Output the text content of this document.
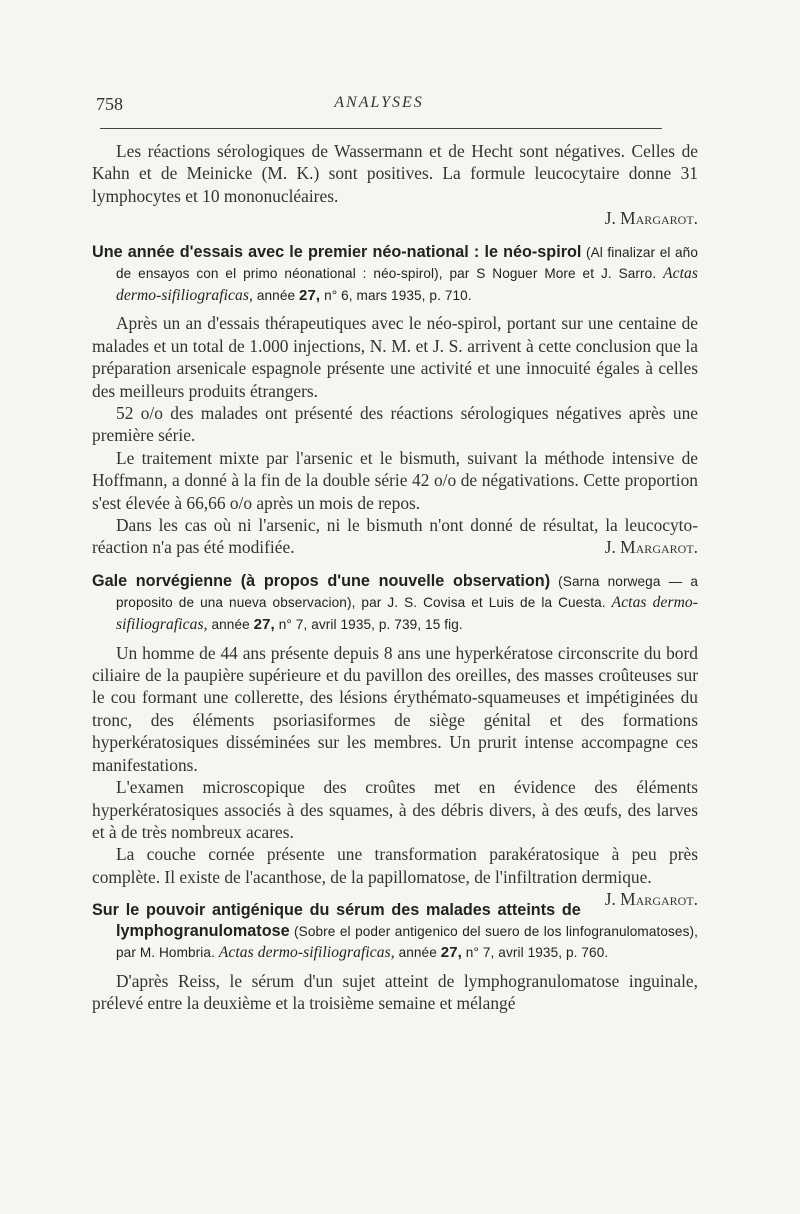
758	ANALYSES

Les réactions sérologiques de Wassermann et de Hecht sont négatives. Celles de Kahn et de Meinicke (M. K.) sont positives. La formule leucocytaire donne 31 lymphocytes et 10 mononucléaires.

J. Margarot.

Une année d'essais avec le premier néo-national : le néo-spirol (Al finalizar el año de ensayos con el primo néonational : néo-spirol), par S Noguer More et J. Sarro. Actas dermo-sifiliograficas, année 27, n° 6, mars 1935, p. 710.

Après un an d'essais thérapeutiques avec le néo-spirol, portant sur une centaine de malades et un total de 1.000 injections, N. M. et J. S. arrivent à cette conclusion que la préparation arsenicale espagnole présente une activité et une innocuité égales à celles des meilleurs produits étrangers.

52 o/o des malades ont présenté des réactions sérologiques négatives après une première série.

Le traitement mixte par l'arsenic et le bismuth, suivant la méthode intensive de Hoffmann, a donné à la fin de la double série 42 o/o de négativations. Cette proportion s'est élevée à 66,66 o/o après un mois de repos.

Dans les cas où ni l'arsenic, ni le bismuth n'ont donné de résultat, la leucocyto-réaction n'a pas été modifiée.	J. Margarot.

Gale norvégienne (à propos d'une nouvelle observation) (Sarna norwega — a proposito de una nueva observacion), par J. S. Covisa et Luis de la Cuesta. Actas dermo-sifiliograficas, année 27, n° 7, avril 1935, p. 739, 15 fig.

Un homme de 44 ans présente depuis 8 ans une hyperkératose circonscrite du bord ciliaire de la paupière supérieure et du pavillon des oreilles, des masses croûteuses sur le cou formant une collerette, des lésions érythémato-squameuses et impétiginées du tronc, des éléments psoriasiformes de siège génital et des formations hyperkératosiques disséminées sur les membres. Un prurit intense accompagne ces manifestations.

L'examen microscopique des croûtes met en évidence des éléments hyperkératosiques associés à des squames, à des débris divers, à des œufs, des larves et à de très nombreux acares.

La couche cornée présente une transformation parakératosique à peu près complète. Il existe de l'acanthose, de la papillomatose, de l'infiltration dermique.
J. Margarot.

Sur le pouvoir antigénique du sérum des malades atteints de lymphogranulomatose (Sobre el poder antigenico del suero de los linfogranulomatoses), par M. Hombria. Actas dermo-sifiliograficas, année 27, n° 7, avril 1935, p. 760.

D'après Reiss, le sérum d'un sujet atteint de lymphogranulomatose inguinale, prélevé entre la deuxième et la troisième semaine et mélangé
